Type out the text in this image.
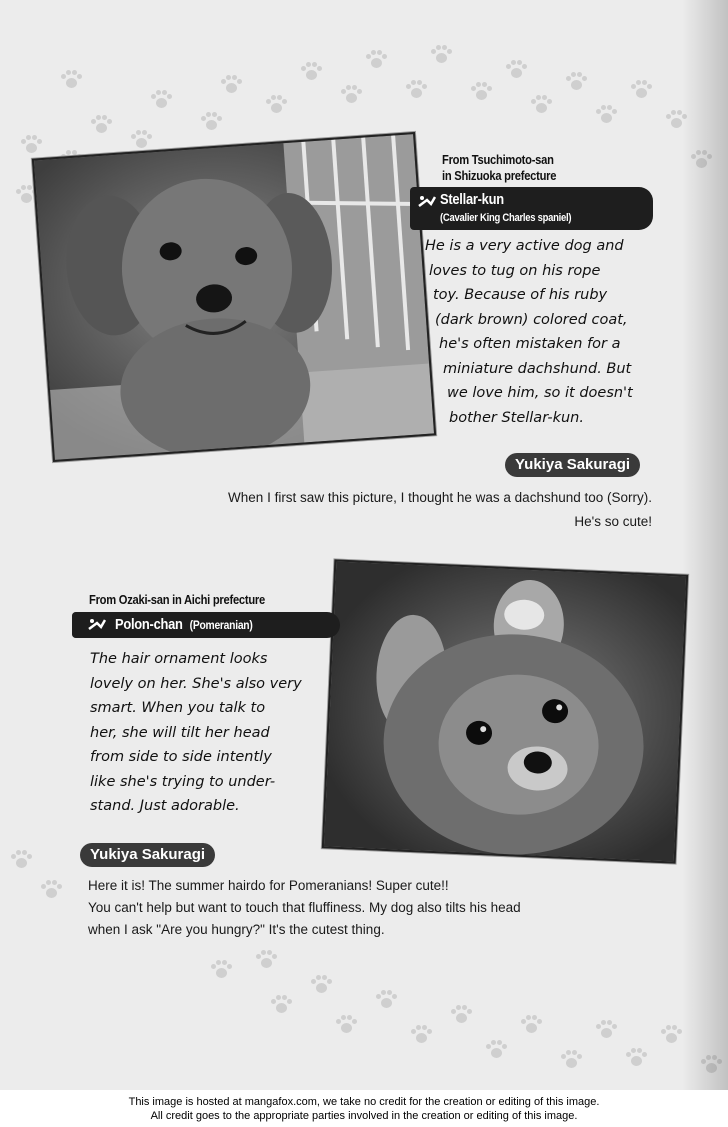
From Tsuchimoto-san
in Shizuoka prefecture
Stellar-kun
(Cavalier King Charles spaniel)
He is a very active dog and
loves to tug on his rope
toy. Because of his ruby
(dark brown) colored coat,
he's often mistaken for a
miniature dachshund. But
we love him, so it doesn't
bother Stellar-kun.
Yukiya Sakuragi
When I first saw this picture, I thought he was a dachshund too (Sorry).
He's so cute!
From Ozaki-san in Aichi prefecture
Polon-chan (Pomeranian)
The hair ornament looks
lovely on her. She's also very
smart. When you talk to
her, she will tilt her head
from side to side intently
like she's trying to under-
stand. Just adorable.
Yukiya Sakuragi
Here it is! The summer hairdo for Pomeranians! Super cute!!
You can't help but want to touch that fluffiness. My dog also tilts his head
when I ask "Are you hungry?" It's the cutest thing.
This image is hosted at mangafox.com, we take no credit for the creation or editing of this image.
All credit goes to the appropriate parties involved in the creation or editing of this image.
